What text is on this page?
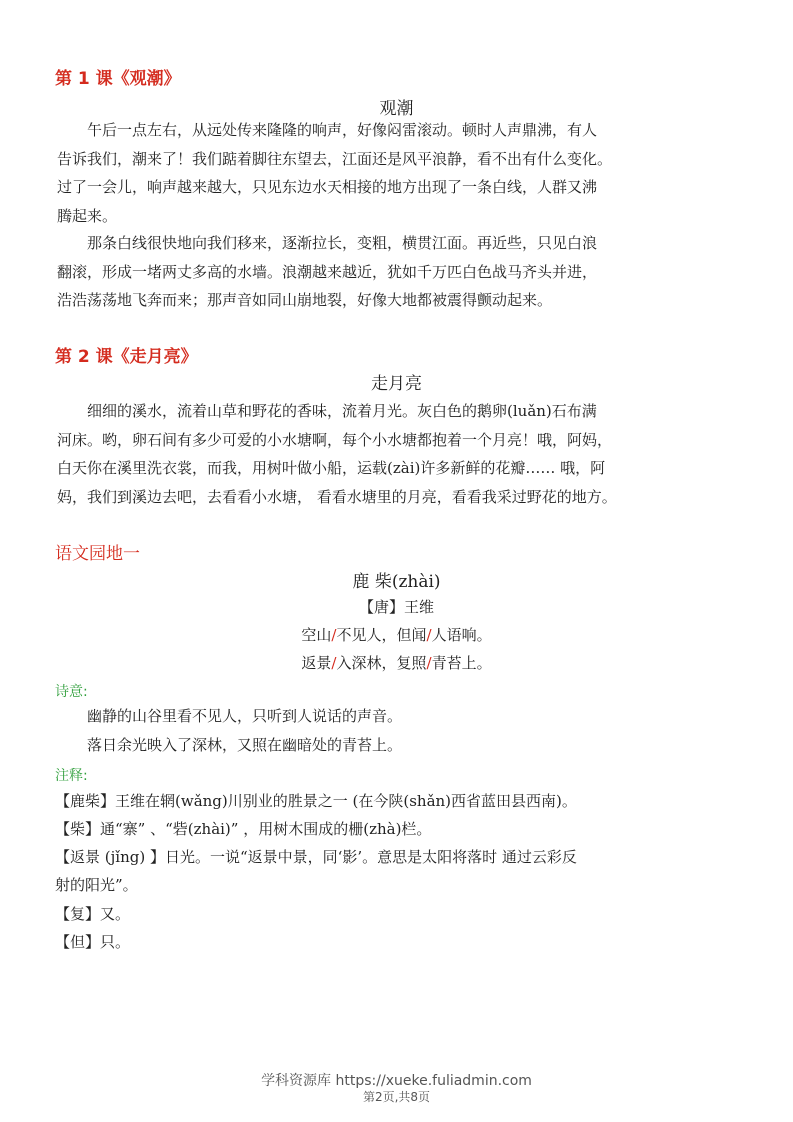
第 1 课《观潮》
观潮
午后一点左右，从远处传来隆隆的响声，好像闷雷滚动。顿时人声鼎沸，有人
告诉我们，潮来了！我们踮着脚往东望去，江面还是风平浪静，看不出有什么变化。
过了一会儿，响声越来越大，只见东边水天相接的地方出现了一条白线，人群又沸
腾起来。
那条白线很快地向我们移来，逐渐拉长，变粗，横贯江面。再近些，只见白浪
翻滚，形成一堵两丈多高的水墙。浪潮越来越近，犹如千万匹白色战马齐头并进，
浩浩荡荡地飞奔而来；那声音如同山崩地裂，好像大地都被震得颤动起来。
第 2 课《走月亮》
走月亮
细细的溪水，流着山草和野花的香味，流着月光。灰白色的鹅卵(luǎn)石布满
河床。哟，卵石间有多少可爱的小水塘啊，每个小水塘都抱着一个月亮！哦，阿妈，
白天你在溪里洗衣裳，而我，用树叶做小船，运载(zài)许多新鲜的花瓣…… 哦，阿
妈，我们到溪边去吧，去看看小水塘， 看看水塘里的月亮，看看我采过野花的地方。
语文园地一
鹿 柴(zhài)
【唐】王维
空山/不见人，但闻/人语响。
返景/入深林，复照/青苔上。
诗意:
幽静的山谷里看不见人，只听到人说话的声音。
落日余光映入了深林，又照在幽暗处的青苔上。
注释:
【鹿柴】王维在辋(wǎng)川别业的胜景之一 (在今陕(shǎn)西省蓝田县西南)。
【柴】通“寨” 、“砦(zhài)” ，用树木围成的栅(zhà)栏。
【返景 (jǐng) 】日光。一说“返景中景，同‘影’。意思是太阳将落时 通过云彩反
射的阳光”。
【复】又。
【但】只。
学科资源库 https://xueke.fuliadmin.com
第2页,共8页
